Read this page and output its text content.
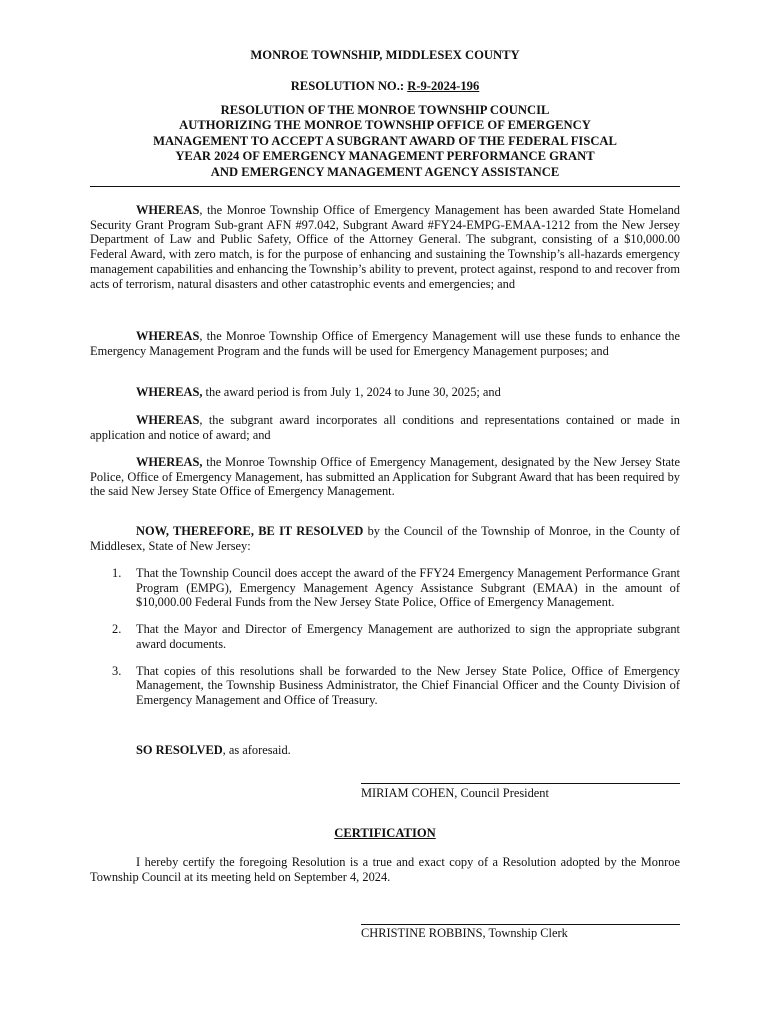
MONROE TOWNSHIP, MIDDLESEX COUNTY
RESOLUTION NO.: R-9-2024-196
RESOLUTION OF THE MONROE TOWNSHIP COUNCIL
AUTHORIZING THE MONROE TOWNSHIP OFFICE OF EMERGENCY
MANAGEMENT TO ACCEPT A SUBGRANT AWARD OF THE FEDERAL FISCAL
YEAR 2024 OF EMERGENCY MANAGEMENT PERFORMANCE GRANT
AND EMERGENCY MANAGEMENT AGENCY ASSISTANCE
WHEREAS, the Monroe Township Office of Emergency Management has been awarded State Homeland Security Grant Program Sub-grant AFN #97.042, Subgrant Award #FY24-EMPG-EMAA-1212 from the New Jersey Department of Law and Public Safety, Office of the Attorney General. The subgrant, consisting of a $10,000.00 Federal Award, with zero match, is for the purpose of enhancing and sustaining the Township’s all-hazards emergency management capabilities and enhancing the Township’s ability to prevent, protect against, respond to and recover from acts of terrorism, natural disasters and other catastrophic events and emergencies; and
WHEREAS, the Monroe Township Office of Emergency Management will use these funds to enhance the Emergency Management Program and the funds will be used for Emergency Management purposes; and
WHEREAS, the award period is from July 1, 2024 to June 30, 2025; and
WHEREAS, the subgrant award incorporates all conditions and representations contained or made in application and notice of award; and
WHEREAS, the Monroe Township Office of Emergency Management, designated by the New Jersey State Police, Office of Emergency Management, has submitted an Application for Subgrant Award that has been required by the said New Jersey State Office of Emergency Management.
NOW, THEREFORE, BE IT RESOLVED by the Council of the Township of Monroe, in the County of Middlesex, State of New Jersey:
1. That the Township Council does accept the award of the FFY24 Emergency Management Performance Grant Program (EMPG), Emergency Management Agency Assistance Subgrant (EMAA) in the amount of $10,000.00 Federal Funds from the New Jersey State Police, Office of Emergency Management.
2. That the Mayor and Director of Emergency Management are authorized to sign the appropriate subgrant award documents.
3. That copies of this resolutions shall be forwarded to the New Jersey State Police, Office of Emergency Management, the Township Business Administrator, the Chief Financial Officer and the County Division of Emergency Management and Office of Treasury.
SO RESOLVED, as aforesaid.
MIRIAM COHEN, Council President
CERTIFICATION
I hereby certify the foregoing Resolution is a true and exact copy of a Resolution adopted by the Monroe Township Council at its meeting held on September 4, 2024.
CHRISTINE ROBBINS, Township Clerk
